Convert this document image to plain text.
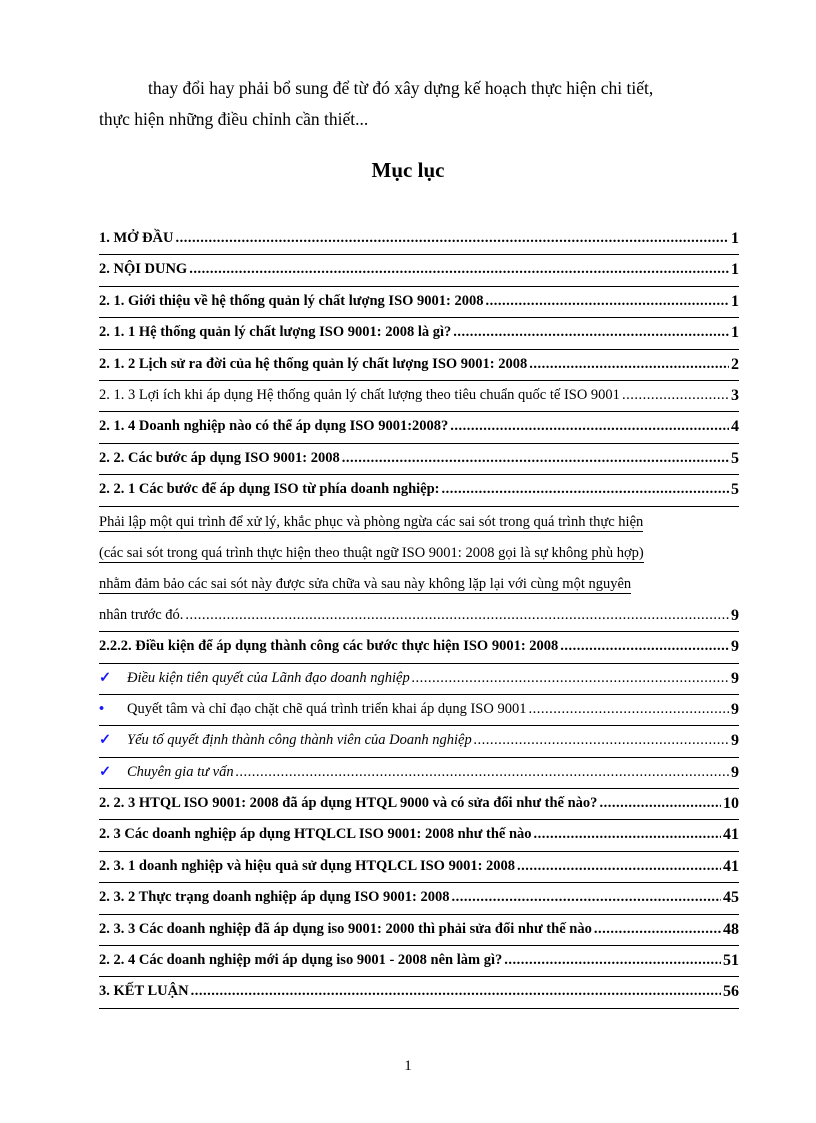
thay đổi hay phải bổ sung để từ đó xây dựng kế hoạch thực hiện chi tiết,
thực hiện những điều chỉnh cần thiết...
Mục lục
1. MỞ ĐẦU .....	1
2. NỘI DUNG .....	1
2. 1. Giới thiệu về hệ thống quản lý chất lượng ISO 9001: 2008 .....	1
2. 1. 1 Hệ thống quản lý chất lượng ISO 9001: 2008 là gì? .....	1
2. 1. 2 Lịch sử ra đời của hệ thống quản lý chất lượng ISO 9001: 2008 .....	2
2. 1. 3 Lợi ích khi áp dụng Hệ thống quản lý chất lượng theo tiêu chuẩn quốc tế ISO 9001 .....	3
2. 1. 4 Doanh nghiệp nào có thể áp dụng ISO 9001:2008? .....	4
2. 2. Các bước áp dụng ISO 9001: 2008 .....	5
2. 2. 1 Các bước để áp dụng ISO từ phía doanh nghiệp: .....	5
Phải lập một qui trình để xử lý, khắc phục và phòng ngừa các sai sót trong quá trình thực hiện
(các sai sót trong quá trình thực hiện theo thuật ngữ ISO 9001: 2008 gọi là sự không phù hợp)
nhằm đảm bảo các sai sót này được sửa chữa và sau này không lặp lại với cùng một nguyên
nhân trước đó. .....	9
2.2.2. Điều kiện để áp dụng thành công các bước thực hiện ISO 9001: 2008 .....	9
✓	Điều kiện tiên quyết của Lãnh đạo doanh nghiệp .....	9
•	Quyết tâm và chỉ đạo chặt chẽ quá trình triển khai áp dụng ISO 9001 .....	9
✓	Yếu tố quyết định thành công thành viên của Doanh nghiệp .....	9
✓	Chuyên gia tư vấn .....	9
2. 2. 3 HTQL ISO 9001: 2008 đã áp dụng HTQL 9000 và có sửa đổi như thế nào? .....	10
2. 3 Các doanh nghiệp áp dụng HTQLCL ISO 9001: 2008 như thế nào .....	41
2. 3. 1 doanh nghiệp và hiệu quả sử dụng HTQLCL ISO 9001: 2008 .....	41
2. 3. 2 Thực trạng doanh nghiệp áp dụng ISO 9001: 2008 .....	45
2. 3. 3 Các doanh nghiệp đã áp dụng iso 9001: 2000 thì phải sửa đổi như thế nào .....	48
2. 2. 4 Các doanh nghiệp mới áp dụng iso 9001 - 2008 nên làm gì? .....	51
3. KẾT LUẬN .....	56
1
